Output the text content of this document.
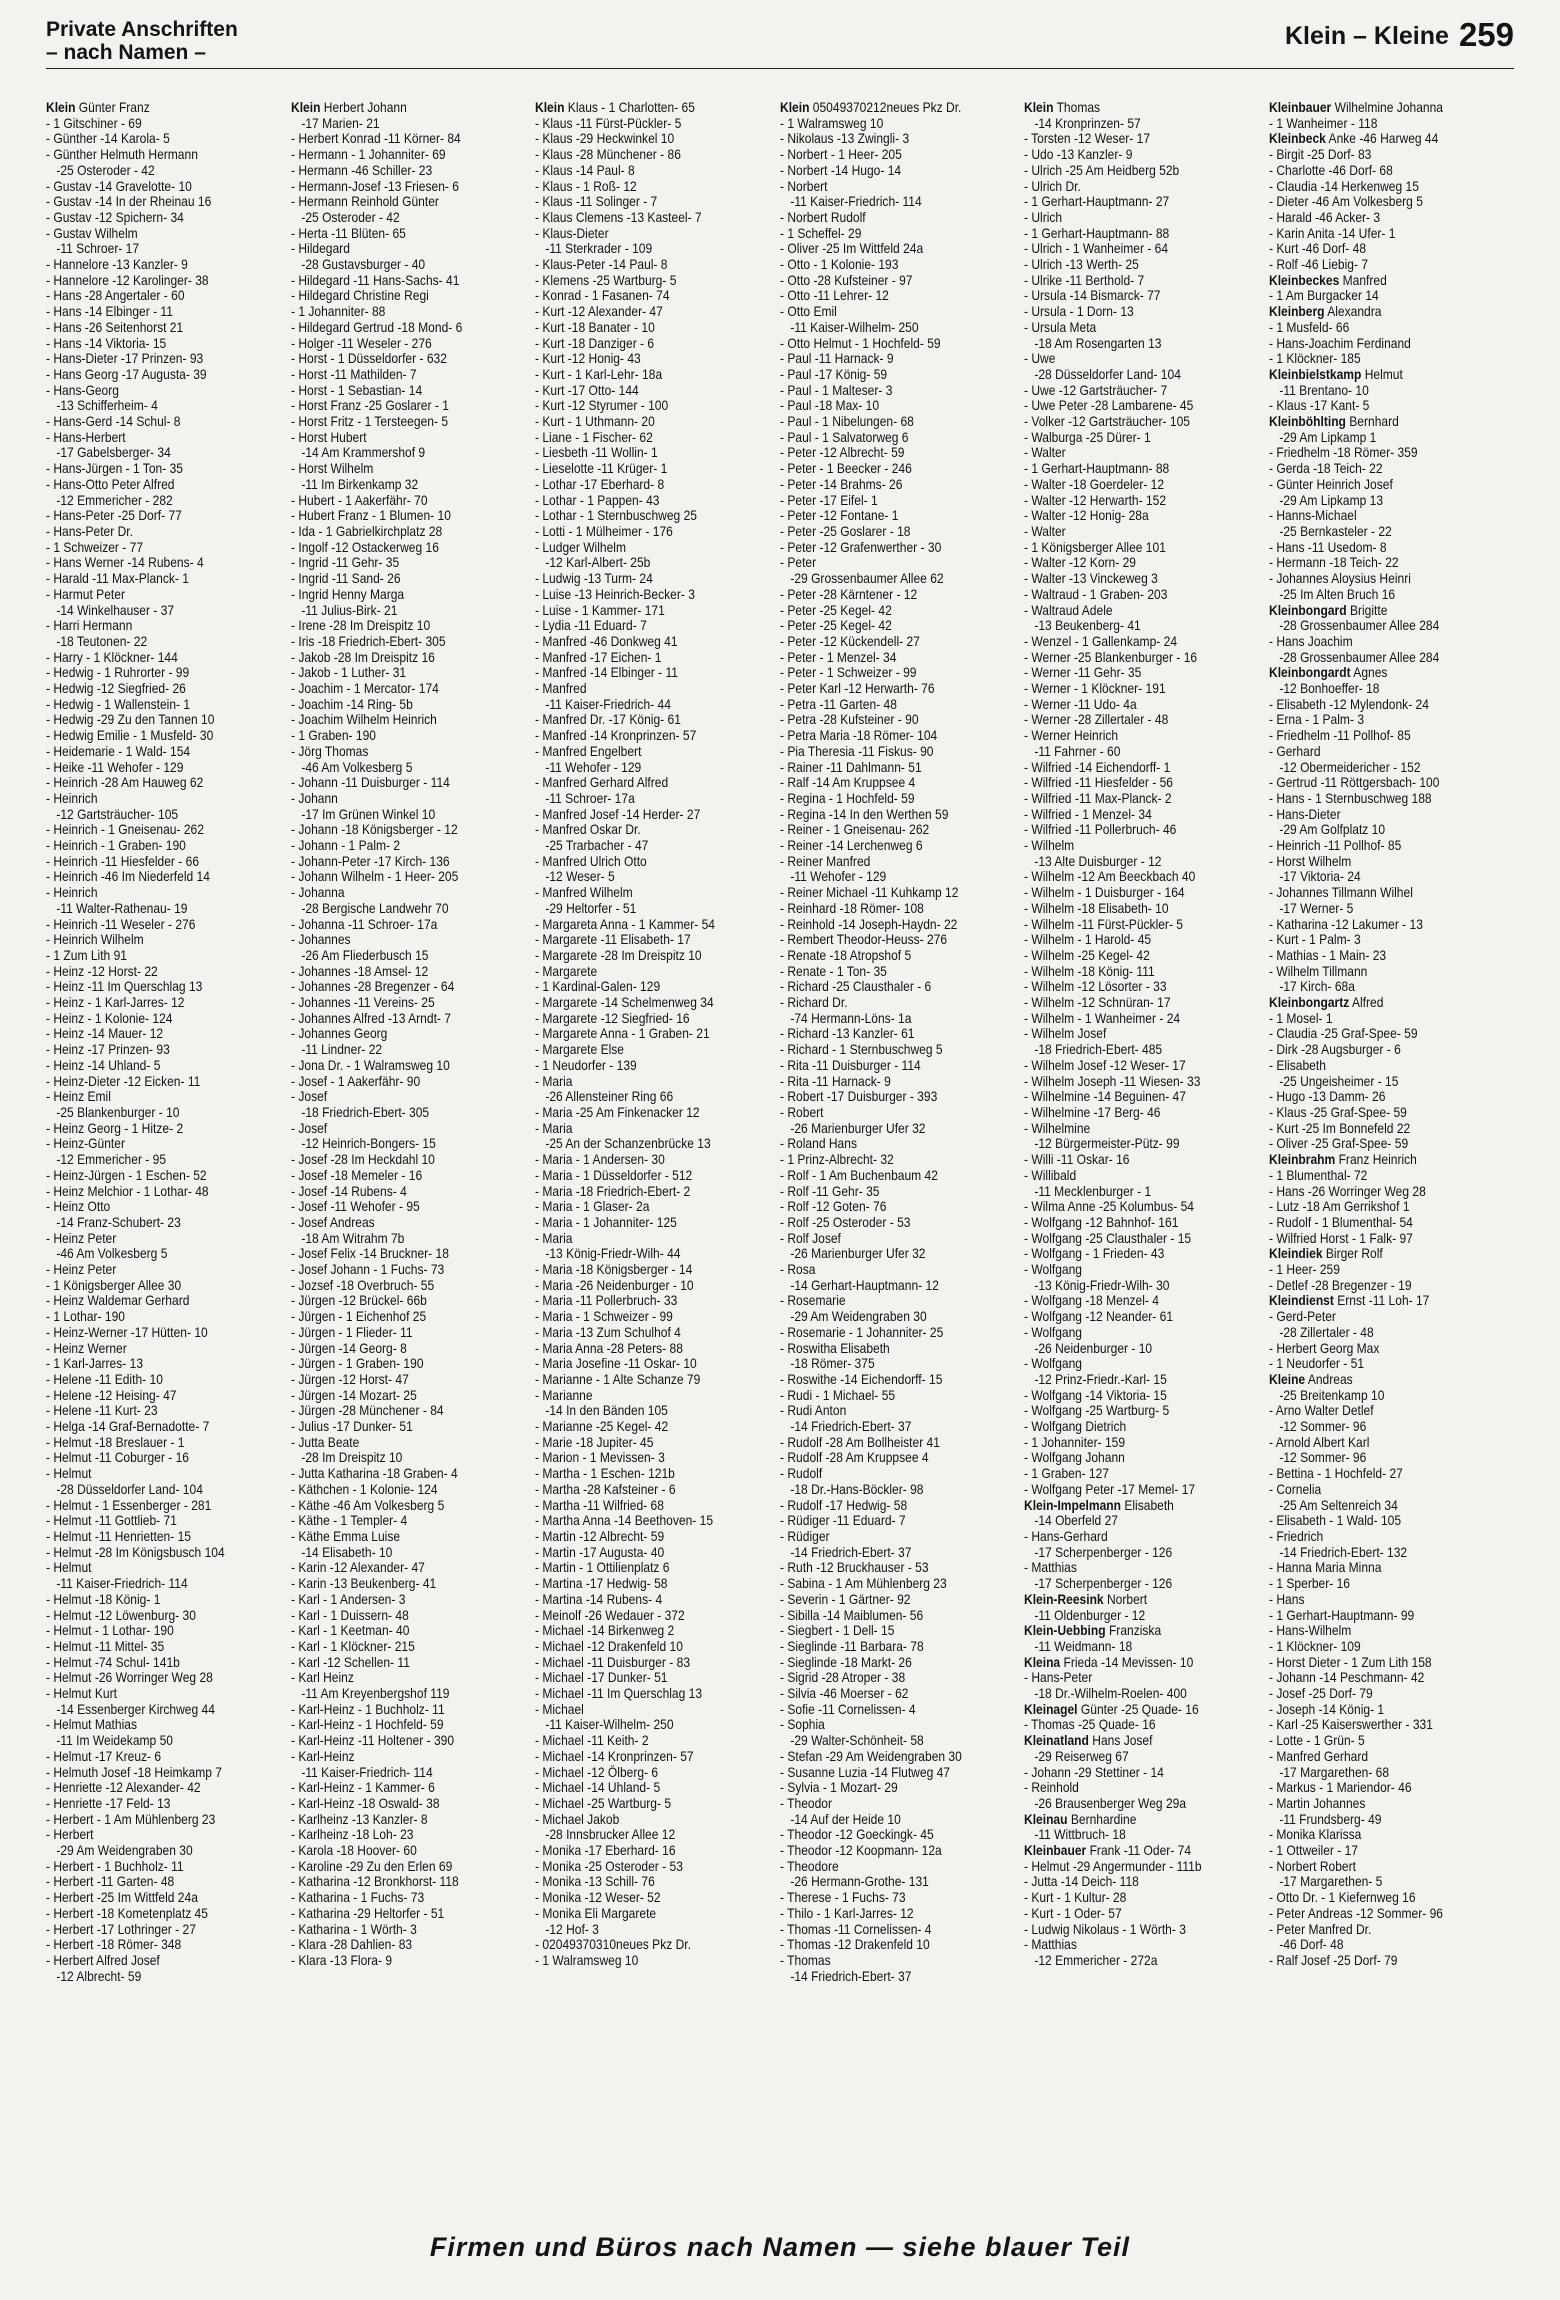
Private Anschriften
– nach Namen –
Klein – Kleine 259
Klein Günter Franz
- 1 Gitschiner - 69
- Günther -14 Karola- 5
- Günther Helmuth Hermann
-25 Osteroder - 42
- Gustav -14 Gravelotte- 10
- Gustav -14 In der Rheinau 16
- Gustav -12 Spichern- 34
- Gustav Wilhelm
-11 Schroer- 17
- Hannelore -13 Kanzler- 9
- Hannelore -12 Karolinger- 38
- Hans -28 Angertaler - 60
- Hans -14 Elbinger - 11
- Hans -26 Seitenhorst 21
- Hans -14 Viktoria- 15
- Hans-Dieter -17 Prinzen- 93
- Hans Georg -17 Augusta- 39
- Hans-Georg
-13 Schifferheim- 4
- Hans-Gerd -14 Schul- 8
- Hans-Herbert
-17 Gabelsberger- 34
- Hans-Jürgen - 1 Ton- 35
- Hans-Otto Peter Alfred
-12 Emmericher - 282
- Hans-Peter -25 Dorf- 77
- Hans-Peter Dr.
- 1 Schweizer - 77
- Hans Werner -14 Rubens- 4
- Harald -11 Max-Planck- 1
- Harmut Peter
-14 Winkelhauser - 37
- Harri Hermann
-18 Teutonen- 22
- Harry - 1 Klöckner- 144
- Hedwig - 1 Ruhrorter - 99
- Hedwig -12 Siegfried- 26
- Hedwig - 1 Wallenstein- 1
- Hedwig -29 Zu den Tannen 10
- Hedwig Emilie - 1 Musfeld- 30
- Heidemarie - 1 Wald- 154
- Heike -11 Wehofer - 129
- Heinrich -28 Am Hauweg 62
- Heinrich
-12 Gartsträucher- 105
- Heinrich - 1 Gneisenau- 262
- Heinrich - 1 Graben- 190
- Heinrich -11 Hiesfelder - 66
- Heinrich -46 Im Niederfeld 14
- Heinrich
-11 Walter-Rathenau- 19
- Heinrich -11 Weseler - 276
- Heinrich Wilhelm
- 1 Zum Lith 91
- Heinz -12 Horst- 22
- Heinz -11 Im Querschlag 13
- Heinz - 1 Karl-Jarres- 12
- Heinz - 1 Kolonie- 124
- Heinz -14 Mauer- 12
- Heinz -17 Prinzen- 93
- Heinz -14 Uhland- 5
- Heinz-Dieter -12 Eicken- 11
- Heinz Emil
-25 Blankenburger - 10
- Heinz Georg - 1 Hitze- 2
- Heinz-Günter
-12 Emmericher - 95
- Heinz-Jürgen - 1 Eschen- 52
- Heinz Melchior - 1 Lothar- 48
- Heinz Otto
-14 Franz-Schubert- 23
- Heinz Peter
-46 Am Volkesberg 5
- Heinz Peter
- 1 Königsberger Allee 30
- Heinz Waldemar Gerhard
- 1 Lothar- 190
- Heinz-Werner -17 Hütten- 10
- Heinz Werner
- 1 Karl-Jarres- 13
- Helene -11 Edith- 10
- Helene -12 Heising- 47
- Helene -11 Kurt- 23
- Helga -14 Graf-Bernadotte- 7
- Helmut -18 Breslauer - 1
- Helmut -11 Coburger - 16
- Helmut
-28 Düsseldorfer Land- 104
- Helmut - 1 Essenberger - 281
- Helmut -11 Gottlieb- 71
- Helmut -11 Henrietten- 15
- Helmut -28 Im Königsbusch 104
- Helmut
-11 Kaiser-Friedrich- 114
- Helmut -18 König- 1
- Helmut -12 Löwenburg- 30
- Helmut - 1 Lothar- 190
- Helmut -11 Mittel- 35
- Helmut -74 Schul- 141b
- Helmut -26 Worringer Weg 28
- Helmut Kurt
-14 Essenberger Kirchweg 44
- Helmut Mathias
-11 Im Weidekamp 50
- Helmut -17 Kreuz- 6
- Helmuth Josef -18 Heimkamp 7
- Henriette -12 Alexander- 42
- Henriette -17 Feld- 13
- Herbert - 1 Am Mühlenberg 23
- Herbert
-29 Am Weidengraben 30
- Herbert - 1 Buchholz- 11
- Herbert -11 Garten- 48
- Herbert -25 Im Wittfeld 24a
- Herbert -18 Kometenplatz 45
- Herbert -17 Lothringer - 27
- Herbert -18 Römer- 348
- Herbert Alfred Josef
-12 Albrecht- 59
Klein Herbert Johann
-17 Marien- 21
- Herbert Konrad -11 Körner- 84
- Hermann - 1 Johanniter- 69
- Hermann -46 Schiller- 23
- Hermann-Josef -13 Friesen- 6
- Hermann Reinhold Günter
-25 Osteroder - 42
- Herta -11 Blüten- 65
- Hildegard
-28 Gustavsburger - 40
- Hildegard -11 Hans-Sachs- 41
- Hildegard Christine Regi
- 1 Johanniter- 88
- Hildegard Gertrud -18 Mond- 6
- Holger -11 Weseler - 276
- Horst - 1 Düsseldorfer - 632
- Horst -11 Mathilden- 7
- Horst - 1 Sebastian- 14
- Horst Franz -25 Goslarer - 1
- Horst Fritz - 1 Tersteegen- 5
- Horst Hubert
-14 Am Krammershof 9
- Horst Wilhelm
-11 Im Birkenkamp 32
- Hubert - 1 Aakerfähr- 70
- Hubert Franz - 1 Blumen- 10
- Ida - 1 Gabrielkirchplatz 28
- Ingolf -12 Ostackerweg 16
- Ingrid -11 Gehr- 35
- Ingrid -11 Sand- 26
- Ingrid Henny Marga
-11 Julius-Birk- 21
- Irene -28 Im Dreispitz 10
- Iris -18 Friedrich-Ebert- 305
- Jakob -28 Im Dreispitz 16
- Jakob - 1 Luther- 31
- Joachim - 1 Mercator- 174
- Joachim -14 Ring- 5b
- Joachim Wilhelm Heinrich
- 1 Graben- 190
- Jörg Thomas
-46 Am Volkesberg 5
- Johann -11 Duisburger - 114
- Johann
-17 Im Grünen Winkel 10
- Johann -18 Königsberger - 12
- Johann - 1 Palm- 2
- Johann-Peter -17 Kirch- 136
- Johann Wilhelm - 1 Heer- 205
- Johanna
-28 Bergische Landwehr 70
- Johanna -11 Schroer- 17a
- Johannes
-26 Am Fliederbusch 15
- Johannes -18 Amsel- 12
- Johannes -28 Bregenzer - 64
- Johannes -11 Vereins- 25
- Johannes Alfred -13 Arndt- 7
- Johannes Georg
-11 Lindner- 22
- Jona Dr. - 1 Walramsweg 10
- Josef - 1 Aakerfähr- 90
- Josef
-18 Friedrich-Ebert- 305
- Josef
-12 Heinrich-Bongers- 15
- Josef -28 Im Heckdahl 10
- Josef -18 Memeler - 16
- Josef -14 Rubens- 4
- Josef -11 Wehofer - 95
- Josef Andreas
-18 Am Witrahm 7b
- Josef Felix -14 Bruckner- 18
- Josef Johann - 1 Fuchs- 73
- Jozsef -18 Overbruch- 55
- Jürgen -12 Brückel- 66b
- Jürgen - 1 Eichenhof 25
- Jürgen - 1 Flieder- 11
- Jürgen -14 Georg- 8
- Jürgen - 1 Graben- 190
- Jürgen -12 Horst- 47
- Jürgen -14 Mozart- 25
- Jürgen -28 Münchener - 84
- Julius -17 Dunker- 51
- Jutta Beate
-28 Im Dreispitz 10
- Jutta Katharina -18 Graben- 4
- Käthchen - 1 Kolonie- 124
- Käthe -46 Am Volkesberg 5
- Käthe - 1 Templer- 4
- Käthe Emma Luise
-14 Elisabeth- 10
- Karin -12 Alexander- 47
- Karin -13 Beukenberg- 41
- Karl - 1 Andersen- 3
- Karl - 1 Duissern- 48
- Karl - 1 Keetman- 40
- Karl - 1 Klöckner- 215
- Karl -12 Schellen- 11
- Karl Heinz
-11 Am Kreyenbergshof 119
- Karl-Heinz - 1 Buchholz- 11
- Karl-Heinz - 1 Hochfeld- 59
- Karl-Heinz -11 Holtener - 390
- Karl-Heinz
-11 Kaiser-Friedrich- 114
- Karl-Heinz - 1 Kammer- 6
- Karl-Heinz -18 Oswald- 38
- Karlheinz -13 Kanzler- 8
- Karlheinz -18 Loh- 23
- Karola -18 Hoover- 60
- Karoline -29 Zu den Erlen 69
- Katharina -12 Bronkhorst- 118
- Katharina - 1 Fuchs- 73
- Katharina -29 Heltorfer - 51
- Katharina - 1 Wörth- 3
- Klara -28 Dahlien- 83
- Klara -13 Flora- 9
Klein Klaus - 1 Charlotten- 65
- Klaus -11 Fürst-Pückler- 5
- Klaus -29 Heckwinkel 10
- Klaus -28 Münchener - 86
- Klaus -14 Paul- 8
- Klaus - 1 Roß- 12
- Klaus -11 Solinger - 7
- Klaus Clemens -13 Kasteel- 7
- Klaus-Dieter
-11 Sterkrader - 109
- Klaus-Peter -14 Paul- 8
- Klemens -25 Wartburg- 5
- Konrad - 1 Fasanen- 74
- Kurt -12 Alexander- 47
- Kurt -18 Banater - 10
- Kurt -18 Danziger - 6
- Kurt -12 Honig- 43
- Kurt - 1 Karl-Lehr- 18a
- Kurt -17 Otto- 144
- Kurt -12 Styrumer - 100
- Kurt - 1 Uthmann- 20
- Liane - 1 Fischer- 62
- Liesbeth -11 Wollin- 1
- Lieselotte -11 Krüger- 1
- Lothar -17 Eberhard- 8
- Lothar - 1 Pappen- 43
- Lothar - 1 Sternbuschweg 25
- Lotti - 1 Mülheimer - 176
- Ludger Wilhelm
-12 Karl-Albert- 25b
- Ludwig -13 Turm- 24
- Luise -13 Heinrich-Becker- 3
- Luise - 1 Kammer- 171
- Lydia -11 Eduard- 7
- Manfred -46 Donkweg 41
- Manfred -17 Eichen- 1
- Manfred -14 Elbinger - 11
- Manfred
-11 Kaiser-Friedrich- 44
- Manfred Dr. -17 König- 61
- Manfred -14 Kronprinzen- 57
- Manfred Engelbert
-11 Wehofer - 129
- Manfred Gerhard Alfred
-11 Schroer- 17a
- Manfred Josef -14 Herder- 27
- Manfred Oskar Dr.
-25 Trarbacher - 47
- Manfred Ulrich Otto
-12 Weser- 5
- Manfred Wilhelm
-29 Heltorfer - 51
- Margareta Anna - 1 Kammer- 54
- Margarete -11 Elisabeth- 17
- Margarete -28 Im Dreispitz 10
- Margarete
- 1 Kardinal-Galen- 129
- Margarete -14 Schelmenweg 34
- Margarete -12 Siegfried- 16
- Margarete Anna - 1 Graben- 21
- Margarete Else
- 1 Neudorfer - 139
- Maria
-26 Allensteiner Ring 66
- Maria -25 Am Finkenacker 12
- Maria
-25 An der Schanzenbrücke 13
- Maria - 1 Andersen- 30
- Maria - 1 Düsseldorfer - 512
- Maria -18 Friedrich-Ebert- 2
- Maria - 1 Glaser- 2a
- Maria - 1 Johanniter- 125
- Maria
-13 König-Friedr-Wilh- 44
- Maria -18 Königsberger - 14
- Maria -26 Neidenburger - 10
- Maria -11 Pollerbruch- 33
- Maria - 1 Schweizer - 99
- Maria -13 Zum Schulhof 4
- Maria Anna -28 Peters- 88
- Maria Josefine -11 Oskar- 10
- Marianne - 1 Alte Schanze 79
- Marianne
-14 In den Bänden 105
- Marianne -25 Kegel- 42
- Marie -18 Jupiter- 45
- Marion - 1 Mevissen- 3
- Martha - 1 Eschen- 121b
- Martha -28 Kafsteiner - 6
- Martha -11 Wilfried- 68
- Martha Anna -14 Beethoven- 15
- Martin -12 Albrecht- 59
- Martin -17 Augusta- 40
- Martin - 1 Ottilienplatz 6
- Martina -17 Hedwig- 58
- Martina -14 Rubens- 4
- Meinolf -26 Wedauer - 372
- Michael -14 Birkenweg 2
- Michael -12 Drakenfeld 10
- Michael -11 Duisburger - 83
- Michael -17 Dunker- 51
- Michael -11 Im Querschlag 13
- Michael
-11 Kaiser-Wilhelm- 250
- Michael -11 Keith- 2
- Michael -14 Kronprinzen- 57
- Michael -12 Ölberg- 6
- Michael -14 Uhland- 5
- Michael -25 Wartburg- 5
- Michael Jakob
-28 Innsbrucker Allee 12
- Monika -17 Eberhard- 16
- Monika -25 Osteroder - 53
- Monika -13 Schill- 76
- Monika -12 Weser- 52
- Monika Eli Margarete
-12 Hof- 3
- 02049370310neues Pkz Dr.
- 1 Walramsweg 10
Klein 05049370212neues Pkz Dr.
- 1 Walramsweg 10
- Nikolaus -13 Zwingli- 3
- Norbert - 1 Heer- 205
- Norbert -14 Hugo- 14
- Norbert
-11 Kaiser-Friedrich- 114
- Norbert Rudolf
- 1 Scheffel- 29
- Oliver -25 Im Wittfeld 24a
- Otto - 1 Kolonie- 193
- Otto -28 Kufsteiner - 97
- Otto -11 Lehrer- 12
- Otto Emil
-11 Kaiser-Wilhelm- 250
- Otto Helmut - 1 Hochfeld- 59
- Paul -11 Harnack- 9
- Paul -17 König- 59
- Paul - 1 Malteser- 3
- Paul -18 Max- 10
- Paul - 1 Nibelungen- 68
- Paul - 1 Salvatorweg 6
- Peter -12 Albrecht- 59
- Peter - 1 Beecker - 246
- Peter -14 Brahms- 26
- Peter -17 Eifel- 1
- Peter -12 Fontane- 1
- Peter -25 Goslarer - 18
- Peter -12 Grafenwerther - 30
- Peter
-29 Grossenbaumer Allee 62
- Peter -28 Kärntener - 12
- Peter -25 Kegel- 42
- Peter -25 Kegel- 42
- Peter -12 Kückendell- 27
- Peter - 1 Menzel- 34
- Peter - 1 Schweizer - 99
- Peter Karl -12 Herwarth- 76
- Petra -11 Garten- 48
- Petra -28 Kufsteiner - 90
- Petra Maria -18 Römer- 104
- Pia Theresia -11 Fiskus- 90
- Rainer -11 Dahlmann- 51
- Ralf -14 Am Kruppsee 4
- Regina - 1 Hochfeld- 59
- Regina -14 In den Werthen 59
- Reiner - 1 Gneisenau- 262
- Reiner -14 Lerchenweg 6
- Reiner Manfred
-11 Wehofer - 129
- Reiner Michael -11 Kuhkamp 12
- Reinhard -18 Römer- 108
- Reinhold -14 Joseph-Haydn- 22
- Rembert Theodor-Heuss- 276
- Renate -18 Atropshof 5
- Renate - 1 Ton- 35
- Richard -25 Clausthaler - 6
- Richard Dr.
-74 Hermann-Löns- 1a
- Richard -13 Kanzler- 61
- Richard - 1 Sternbuschweg 5
- Rita -11 Duisburger - 114
- Rita -11 Harnack- 9
- Robert -17 Duisburger - 393
- Robert
-26 Marienburger Ufer 32
- Roland Hans
- 1 Prinz-Albrecht- 32
- Rolf - 1 Am Buchenbaum 42
- Rolf -11 Gehr- 35
- Rolf -12 Goten- 76
- Rolf -25 Osteroder - 53
- Rolf Josef
-26 Marienburger Ufer 32
- Rosa
-14 Gerhart-Hauptmann- 12
- Rosemarie
-29 Am Weidengraben 30
- Rosemarie - 1 Johanniter- 25
- Roswitha Elisabeth
-18 Römer- 375
- Roswithe -14 Eichendorff- 15
- Rudi - 1 Michael- 55
- Rudi Anton
-14 Friedrich-Ebert- 37
- Rudolf -28 Am Bollheister 41
- Rudolf -28 Am Kruppsee 4
- Rudolf
-18 Dr.-Hans-Böckler- 98
- Rudolf -17 Hedwig- 58
- Rüdiger -11 Eduard- 7
- Rüdiger
-14 Friedrich-Ebert- 37
- Ruth -12 Bruckhauser - 53
- Sabina - 1 Am Mühlenberg 23
- Severin - 1 Gärtner- 92
- Sibilla -14 Maiblumen- 56
- Siegbert - 1 Dell- 15
- Sieglinde -11 Barbara- 78
- Sieglinde -18 Markt- 26
- Sigrid -28 Atroper - 38
- Silvia -46 Moerser - 62
- Sofie -11 Cornelissen- 4
- Sophia
-29 Walter-Schönheit- 58
- Stefan -29 Am Weidengraben 30
- Susanne Luzia -14 Flutweg 47
- Sylvia - 1 Mozart- 29
- Theodor
-14 Auf der Heide 10
- Theodor -12 Goeckingk- 45
- Theodor -12 Koopmann- 12a
- Theodore
-26 Hermann-Grothe- 131
- Therese - 1 Fuchs- 73
- Thilo - 1 Karl-Jarres- 12
- Thomas -11 Cornelissen- 4
- Thomas -12 Drakenfeld 10
- Thomas
-14 Friedrich-Ebert- 37
Klein Thomas
-14 Kronprinzen- 57
- Torsten -12 Weser- 17
- Udo -13 Kanzler- 9
- Ulrich -25 Am Heidberg 52b
- Ulrich Dr.
- 1 Gerhart-Hauptmann- 27
- Ulrich
- 1 Gerhart-Hauptmann- 88
- Ulrich - 1 Wanheimer - 64
- Ulrich -13 Werth- 25
- Ulrike -11 Berthold- 7
- Ursula -14 Bismarck- 77
- Ursula - 1 Dorn- 13
- Ursula Meta
-18 Am Rosengarten 13
- Uwe
-28 Düsseldorfer Land- 104
- Uwe -12 Gartsträucher- 7
- Uwe Peter -28 Lambarene- 45
- Volker -12 Gartsträucher- 105
- Walburga -25 Dürer- 1
- Walter
- 1 Gerhart-Hauptmann- 88
- Walter -18 Goerdeler- 12
- Walter -12 Herwarth- 152
- Walter -12 Honig- 28a
- Walter
- 1 Königsberger Allee 101
- Walter -12 Korn- 29
- Walter -13 Vinckeweg 3
- Waltraud - 1 Graben- 203
- Waltraud Adele
-13 Beukenberg- 41
- Wenzel - 1 Gallenkamp- 24
- Werner -25 Blankenburger - 16
- Werner -11 Gehr- 35
- Werner - 1 Klöckner- 191
- Werner -11 Udo- 4a
- Werner -28 Zillertaler - 48
- Werner Heinrich
-11 Fahrner - 60
- Wilfried -14 Eichendorff- 1
- Wilfried -11 Hiesfelder - 56
- Wilfried -11 Max-Planck- 2
- Wilfried - 1 Menzel- 34
- Wilfried -11 Pollerbruch- 46
- Wilhelm
-13 Alte Duisburger - 12
- Wilhelm -12 Am Beeckbach 40
- Wilhelm - 1 Duisburger - 164
- Wilhelm -18 Elisabeth- 10
- Wilhelm -11 Fürst-Pückler- 5
- Wilhelm - 1 Harold- 45
- Wilhelm -25 Kegel- 42
- Wilhelm -18 König- 111
- Wilhelm -12 Lösorter - 33
- Wilhelm -12 Schnüran- 17
- Wilhelm - 1 Wanheimer - 24
- Wilhelm Josef
-18 Friedrich-Ebert- 485
- Wilhelm Josef -12 Weser- 17
- Wilhelm Joseph -11 Wiesen- 33
- Wilhelmine -14 Beguinen- 47
- Wilhelmine -17 Berg- 46
- Wilhelmine
-12 Bürgermeister-Pütz- 99
- Willi -11 Oskar- 16
- Willibald
-11 Mecklenburger - 1
- Wilma Anne -25 Kolumbus- 54
- Wolfgang -12 Bahnhof- 161
- Wolfgang -25 Clausthaler - 15
- Wolfgang - 1 Frieden- 43
- Wolfgang
-13 König-Friedr-Wilh- 30
- Wolfgang -18 Menzel- 4
- Wolfgang -12 Neander- 61
- Wolfgang
-26 Neidenburger - 10
- Wolfgang
-12 Prinz-Friedr.-Karl- 15
- Wolfgang -14 Viktoria- 15
- Wolfgang -25 Wartburg- 5
- Wolfgang Dietrich
- 1 Johanniter- 159
- Wolfgang Johann
- 1 Graben- 127
- Wolfgang Peter -17 Memel- 17
Klein-Impelmann Elisabeth
-14 Oberfeld 27
- Hans-Gerhard
-17 Scherpenberger - 126
- Matthias
-17 Scherpenberger - 126
Klein-Reesink Norbert
-11 Oldenburger - 12
Klein-Uebbing Franziska
-11 Weidmann- 18
Kleina Frieda -14 Mevissen- 10
- Hans-Peter
-18 Dr.-Wilhelm-Roelen- 400
Kleinagel Günter -25 Quade- 16
- Thomas -25 Quade- 16
Kleinatland Hans Josef
-29 Reiserweg 67
- Johann -29 Stettiner - 14
- Reinhold
-26 Brausenberger Weg 29a
Kleinau Bernhardine
-11 Wittbruch- 18
Kleinbauer Frank -11 Oder- 74
- Helmut -29 Angermunder - 111b
- Jutta -14 Deich- 118
- Kurt - 1 Kultur- 28
- Kurt - 1 Oder- 57
- Ludwig Nikolaus - 1 Wörth- 3
- Matthias
-12 Emmericher - 272a
Kleinbauer Wilhelmine Johanna
- 1 Wanheimer - 118
Kleinbeck Anke -46 Harweg 44
- Birgit -25 Dorf- 83
- Charlotte -46 Dorf- 68
- Claudia -14 Herkenweg 15
- Dieter -46 Am Volkesberg 5
- Harald -46 Acker- 3
- Karin Anita -14 Ufer- 1
- Kurt -46 Dorf- 48
- Rolf -46 Liebig- 7
Kleinbeckes Manfred
- 1 Am Burgacker 14
Kleinberg Alexandra
- 1 Musfeld- 66
- Hans-Joachim Ferdinand
- 1 Klöckner- 185
Kleinbielstkamp Helmut
-11 Brentano- 10
- Klaus -17 Kant- 5
Kleinböhlting Bernhard
-29 Am Lipkamp 1
- Friedhelm -18 Römer- 359
- Gerda -18 Teich- 22
- Günter Heinrich Josef
-29 Am Lipkamp 13
- Hanns-Michael
-25 Bernkasteler - 22
- Hans -11 Usedom- 8
- Hermann -18 Teich- 22
- Johannes Aloysius Heinri
-25 Im Alten Bruch 16
Kleinbongard Brigitte
-28 Grossenbaumer Allee 284
- Hans Joachim
-28 Grossenbaumer Allee 284
Kleinbongardt Agnes
-12 Bonhoeffer- 18
- Elisabeth -12 Mylendonk- 24
- Erna - 1 Palm- 3
- Friedhelm -11 Pollhof- 85
- Gerhard
-12 Obermeidericher - 152
- Gertrud -11 Röttgersbach- 100
- Hans - 1 Sternbuschweg 188
- Hans-Dieter
-29 Am Golfplatz 10
- Heinrich -11 Pollhof- 85
- Horst Wilhelm
-17 Viktoria- 24
- Johannes Tillmann Wilhel
-17 Werner- 5
- Katharina -12 Lakumer - 13
- Kurt - 1 Palm- 3
- Mathias - 1 Main- 23
- Wilhelm Tillmann
-17 Kirch- 68a
Kleinbongartz Alfred
- 1 Mosel- 1
- Claudia -25 Graf-Spee- 59
- Dirk -28 Augsburger - 6
- Elisabeth
-25 Ungeisheimer - 15
- Hugo -13 Damm- 26
- Klaus -25 Graf-Spee- 59
- Kurt -25 Im Bonnefeld 22
- Oliver -25 Graf-Spee- 59
Kleinbrahm Franz Heinrich
- 1 Blumenthal- 72
- Hans -26 Worringer Weg 28
- Lutz -18 Am Gerrikshof 1
- Rudolf - 1 Blumenthal- 54
- Wilfried Horst - 1 Falk- 97
Kleindiek Birger Rolf
- 1 Heer- 259
- Detlef -28 Bregenzer - 19
Kleindienst Ernst -11 Loh- 17
- Gerd-Peter
-28 Zillertaler - 48
- Herbert Georg Max
- 1 Neudorfer - 51
Kleine Andreas
-25 Breitenkamp 10
- Arno Walter Detlef
-12 Sommer- 96
- Arnold Albert Karl
-12 Sommer- 96
- Bettina - 1 Hochfeld- 27
- Cornelia
-25 Am Seltenreich 34
- Elisabeth - 1 Wald- 105
- Friedrich
-14 Friedrich-Ebert- 132
- Hanna Maria Minna
- 1 Sperber- 16
- Hans
- 1 Gerhart-Hauptmann- 99
- Hans-Wilhelm
- 1 Klöckner- 109
- Horst Dieter - 1 Zum Lith 158
- Johann -14 Peschmann- 42
- Josef -25 Dorf- 79
- Joseph -14 König- 1
- Karl -25 Kaiserswerther - 331
- Lotte - 1 Grün- 5
- Manfred Gerhard
-17 Margarethen- 68
- Markus - 1 Mariendor- 46
- Martin Johannes
-11 Frundsberg- 49
- Monika Klarissa
- 1 Ottweiler - 17
- Norbert Robert
-17 Margarethen- 5
- Otto Dr. - 1 Kiefernweg 16
- Peter Andreas -12 Sommer- 96
- Peter Manfred Dr.
-46 Dorf- 48
- Ralf Josef -25 Dorf- 79
Firmen und Büros nach Namen — siehe blauer Teil
